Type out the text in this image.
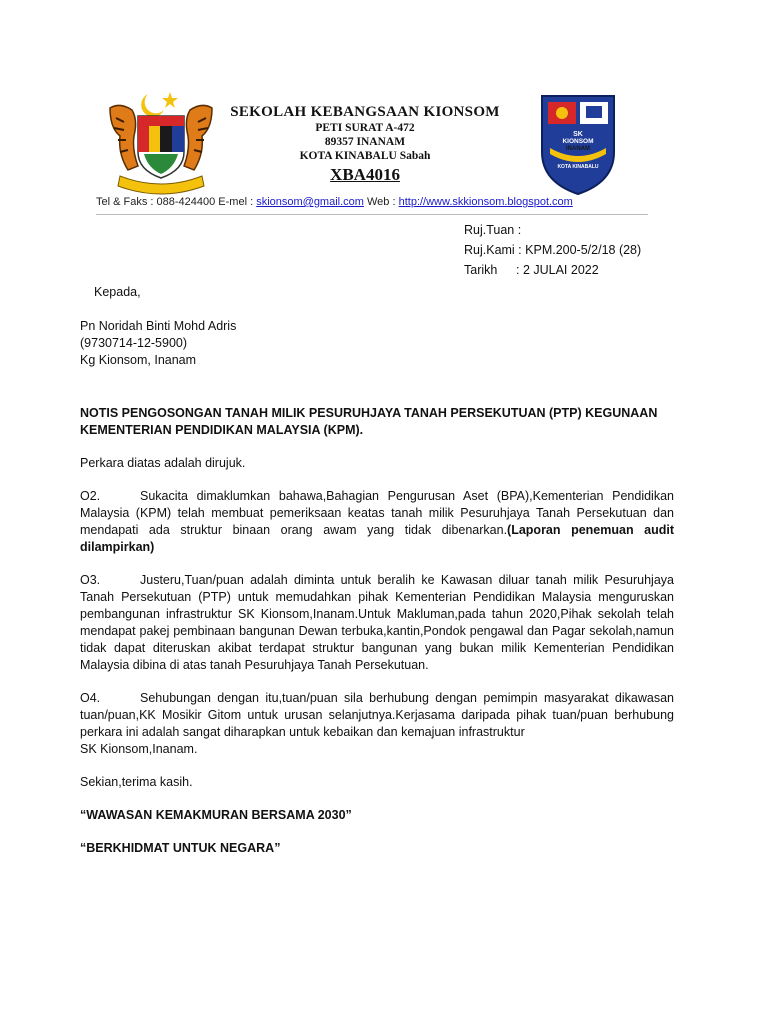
SEKOLAH KEBANGSAAN KIONSOM
PETI SURAT A-472
89357 INANAM
KOTA KINABALU Sabah
XBA4016
SK
KIONSOM
INANAM
KOTA KINABALU
Tel & Faks : 088-424400 E-mel : skionsom@gmail.com Web : http://www.skkionsom.blogspot.com
Ruj.Tuan :
Ruj.Kami : KPM.200-5/2/18 (28)
Tarikh : 2 JULAI 2022

Kepada,

Pn Noridah Binti Mohd Adris

(9730714-12-5900)

Kg Kionsom, Inanam

NOTIS PENGOSONGAN TANAH MILIK PESURUHJAYA TANAH PERSEKUTUAN (PTP) KEGUNAAN KEMENTERIAN PENDIDIKAN MALAYSIA (KPM).

Perkara diatas adalah dirujuk.

O2.	Sukacita dimaklumkan bahawa,Bahagian Pengurusan Aset (BPA),Kementerian Pendidikan Malaysia (KPM) telah membuat pemeriksaan keatas tanah milik Pesuruhjaya Tanah Persekutuan dan mendapati ada struktur binaan orang awam yang tidak dibenarkan.(Laporan penemuan audit dilampirkan)

O3.	Justeru,Tuan/puan adalah diminta untuk beralih ke Kawasan diluar tanah milik Pesuruhjaya Tanah Persekutuan (PTP) untuk memudahkan pihak Kementerian Pendidikan Malaysia menguruskan pembangunan infrastruktur SK Kionsom,Inanam.Untuk Makluman,pada tahun 2020,Pihak sekolah telah mendapat pakej pembinaan bangunan Dewan terbuka,kantin,Pondok pengawal dan Pagar sekolah,namun tidak dapat diteruskan akibat terdapat struktur bangunan yang bukan milik Kementerian Pendidikan Malaysia dibina di atas tanah Pesuruhjaya Tanah Persekutuan.

O4.	Sehubungan dengan itu,tuan/puan sila berhubung dengan pemimpin masyarakat dikawasan tuan/puan,KK Mosikir Gitom untuk urusan selanjutnya.Kerjasama daripada pihak tuan/puan berhubung perkara ini adalah sangat diharapkan untuk kebaikan dan kemajuan infrastruktur
SK Kionsom,Inanam.

Sekian,terima kasih.

“WAWASAN KEMAKMURAN BERSAMA 2030”

“BERKHIDMAT UNTUK NEGARA”
